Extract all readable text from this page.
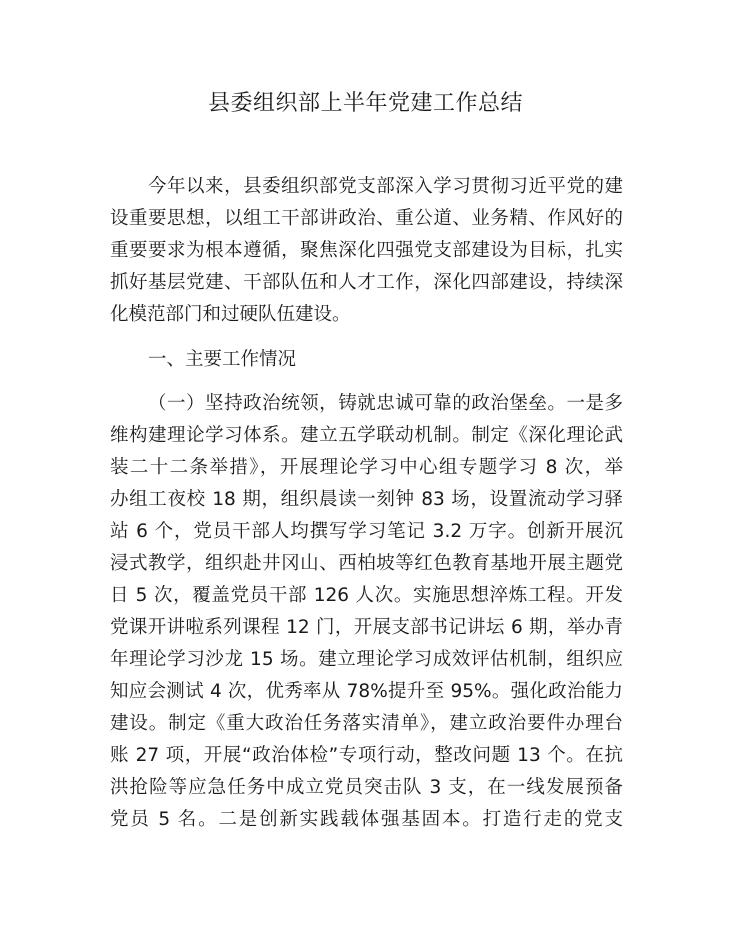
县委组织部上半年党建工作总结
今年以来，县委组织部党支部深入学习贯彻习近平党的建
设重要思想，以组工干部讲政治、重公道、业务精、作风好的
重要要求为根本遵循，聚焦深化四强党支部建设为目标，扎实
抓好基层党建、干部队伍和人才工作，深化四部建设，持续深
化模范部门和过硬队伍建设。
一、主要工作情况
（一）坚持政治统领，铸就忠诚可靠的政治堡垒。一是多
维构建理论学习体系。建立五学联动机制。制定《深化理论武
装二十二条举措》，开展理论学习中心组专题学习 8 次，举
办组工夜校 18 期，组织晨读一刻钟 83 场，设置流动学习驿
站 6 个，党员干部人均撰写学习笔记 3.2 万字。创新开展沉
浸式教学，组织赴井冈山、西柏坡等红色教育基地开展主题党
日 5 次，覆盖党员干部 126 人次。实施思想淬炼工程。开发
党课开讲啦系列课程 12 门，开展支部书记讲坛 6 期，举办青
年理论学习沙龙 15 场。建立理论学习成效评估机制，组织应
知应会测试 4 次，优秀率从 78%提升至 95%。强化政治能力
建设。制定《重大政治任务落实清单》，建立政治要件办理台
账 27 项，开展“政治体检”专项行动，整改问题 13 个。在抗
洪抢险等应急任务中成立党员突击队 3 支，在一线发展预备
党员 5 名。二是创新实践载体强基固本。打造行走的党支
